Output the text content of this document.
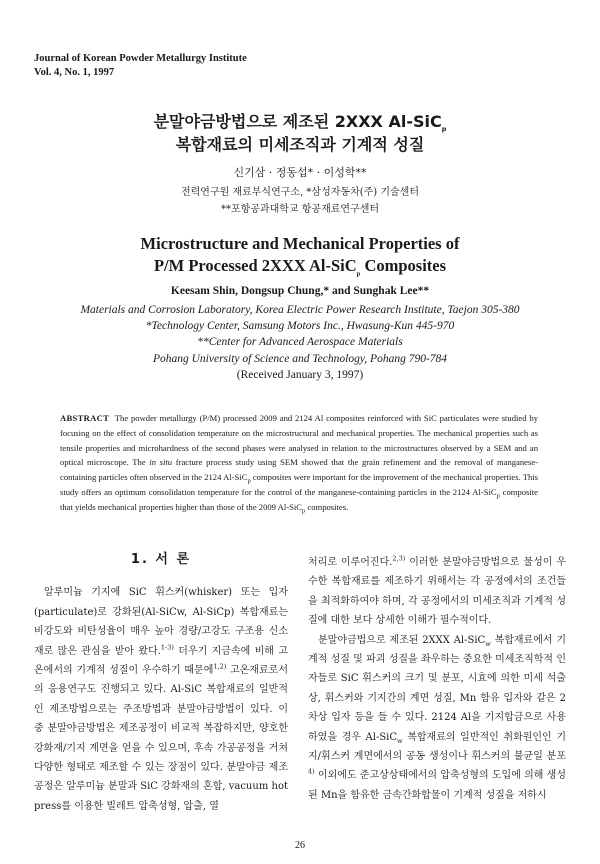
Journal of Korean Powder Metallurgy Institute
Vol. 4, No. 1, 1997
분말야금방법으로 제조된 2XXX Al-SiC$_p$
복합재료의 미세조직과 기계적 성질
신기삼 · 정동섭* · 이성학**
전력연구원 재료부식연구소, *삼성자동차(주) 기술센터
**포항공과대학교 항공재료연구센터
Microstructure and Mechanical Properties of
P/M Processed 2XXX Al-SiC$_p$ Composites
Keesam Shin, Dongsup Chung,* and Sunghak Lee**
Materials and Corrosion Laboratory, Korea Electric Power Research Institute, Taejon 305-380
*Technology Center, Samsung Motors Inc., Hwasung-Kun 445-970
**Center for Advanced Aerospace Materials
Pohang University of Science and Technology, Pohang 790-784
(Received January 3, 1997)
ABSTRACT The powder metallurgy (P/M) processed 2009 and 2124 Al composites reinforced with SiC particulates were studied by focusing on the effect of consolidation temperature on the microstructural and mechanical properties. The mechanical properties such as tensile properties and microhardness of the second phases were analysed in relation to the microstructures observed by a SEM and an optical microscope. The in situ fracture process study using SEM showed that the grain refinement and the removal of manganese-containing particles often observed in the 2124 Al-SiC$_p$ composites were important for the improvement of the mechanical properties. This study offers an optimum consolidation temperature for the control of the manganese-containing particles in the 2124 Al-SiC$_p$ composite that yields mechanical properties higher than those of the 2009 Al-SiC$_p$ composites.
1. 서 론

알루미늄 기지에 SiC 휘스커(whisker) 또는 입자(particulate)로 강화된(Al-SiCw, Al-SiCp) 복합재료는 비강도와 비탄성율이 매우 높아 경량/고강도 구조용 신소재로 많은 관심을 받아 왔다.$^{1-3)}$ 더우기 지금속에 비해 고온에서의 기계적 성질이 우수하기 때문에$^{1,2)}$ 고온재료로서의 응용연구도 진행되고 있다. Al-SiC 복합재료의 일반적인 제조방법으로는 주조방법과 분말야금방법이 있다. 이 중 분말야금방법은 제조공정이 비교적 복잡하지만, 양호한 강화재/기지 계면을 얻을 수 있으며, 후속 가공공정을 거쳐 다양한 형태로 제조할 수 있는 장점이 있다. 분말야금 제조공정은 알루미늄 분말과 SiC 강화재의 혼합, vacuum hot press를 이용한 빌레트 압축성형, 압출, 열

처리로 이루어진다.$^{2,3)}$ 이러한 분말야금방법으로 물성이 우수한 복합재료를 제조하기 위해서는 각 공정에서의 조건들을 최적화하여야 하며, 각 공정에서의 미세조직과 기계적 성질에 대한 보다 상세한 이해가 필수적이다.

분말야금법으로 제조된 2XXX Al-SiC$_w$ 복합재료에서 기계적 성질 및 파괴 성질을 좌우하는 중요한 미세조직학적 인자들로 SiC 휘스커의 크기 및 분포, 시효에 의한 미세 석출상, 휘스커와 기지간의 계면 성질, Mn 함유 입자와 같은 2차상 입자 등을 들 수 있다. 2124 Al을 기지합금으로 사용하였을 경우 Al-SiC$_w$ 복합재료의 일반적인 취화원인인 기지/휘스커 계면에서의 공동 생성이나 휘스커의 불균일 분포$^{4)}$ 이외에도 준고상상태에서의 압축성형의 도입에 의해 생성된 Mn을 함유한 금속간화합물이 기계적 성질을 저하시

26
